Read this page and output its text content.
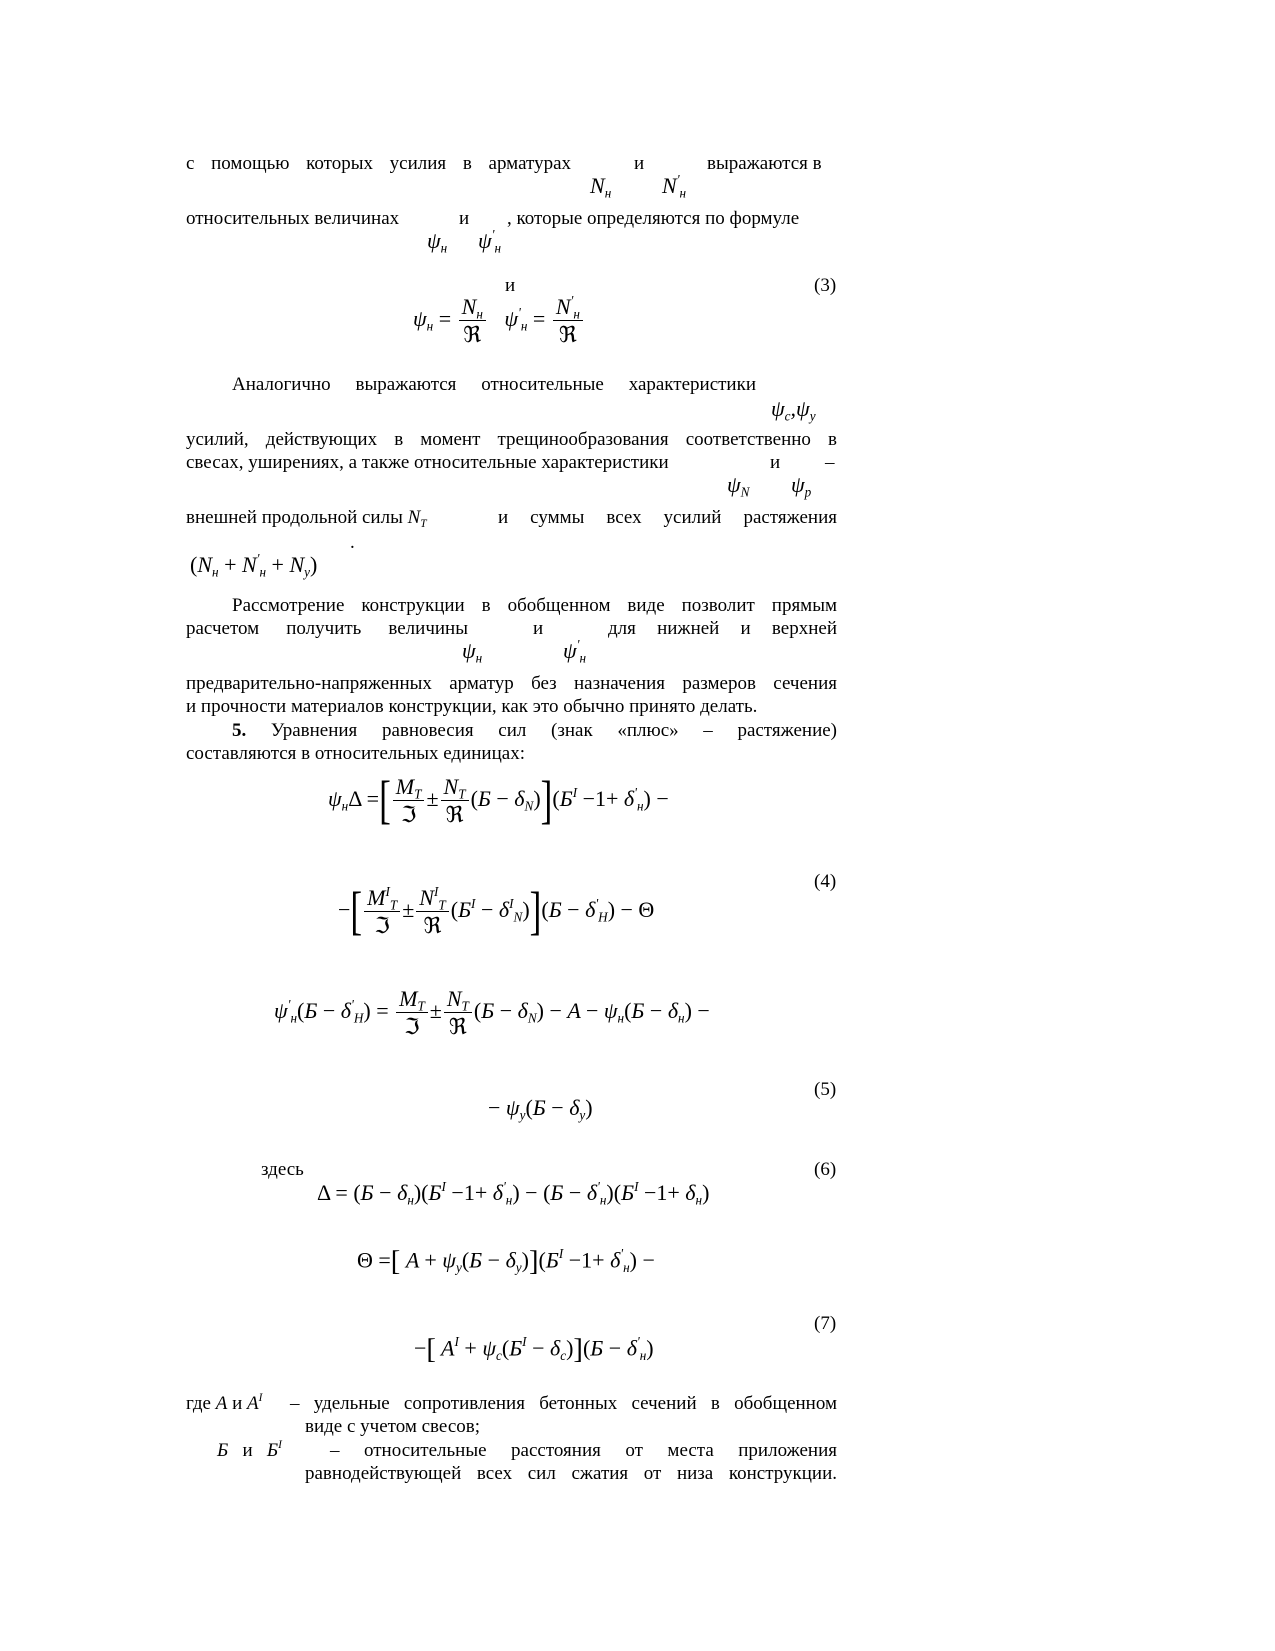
с помощью которых усилия в арматурах	и	выражаются в
$N_н$ $N'_н$
относительных величинах	и , которые определяются по формуле
$\psi_н$ $\psi'_н$
и	(3)
$\psi_н = \frac{N_н}{\text{ℜ}} \psi'_н = \frac{N'_н}{\text{ℜ}}$
Аналогично выражаются относительные характеристики
$\psi_c,\psi_y$
усилий, действующих в момент трещинообразования соответственно в
свесах, уширениях, а также относительные характеристики	и –
$\psi_N$ $\psi_p$
внешней продольной силы $N_T$	и суммы всех усилий растяжения
.
$(N_н + N'_н + N_y)$
Рассмотрение конструкции в обобщенном виде позволит прямым
расчетом получить величины	и	для нижней и верхней
$\psi_н$	$\psi'_н$
предварительно-напряженных арматур без назначения размеров сечения
и прочности материалов конструкции, как это обычно принято делать.
5. Уравнения равновесия сил (знак «плюс» – растяжение)
составляются в относительных единицах:
$\psi_н\Delta$ =[ $\frac{M_T}{\text{ℑ}} \pm \frac{N_T}{\text{ℜ}} (Б - \delta_N)](Б^I -1+ \delta'_н)$ −
(4)
−[ $\frac{M^I_T}{\text{ℑ}} \pm \frac{N^I_T}{\text{ℜ}} (Б^I - \delta^I_N)](Б - \delta'_H) - \Theta$
$\psi'_н(Б - \delta'_H) = \frac{M_T}{\text{ℑ}} \pm \frac{N_T}{\text{ℜ}} (Б - \delta_N) - A - \psi_н(Б - \delta_н)$ −
(5)
− $\psi_y(Б - \delta_y)$
здесь	(6)
$\Delta = (Б - \delta_н)(Б^I -1+ \delta'_н) - (Б - \delta'_н)(Б^I -1+ \delta_н)$
Θ =[ $A + \psi_y(Б - \delta_y)](Б^I -1+ \delta'_н)$ −
(7)
−[ $A^I + \psi_c(Б^I - \delta_c)](Б - \delta'_н)$
где А и $А^I$ – удельные сопротивления бетонных сечений в обобщенном
виде с учетом свесов;
Б и $Б^I$	– относительные расстояния от места приложения
равнодействующей всех сил сжатия от низа конструкции.
